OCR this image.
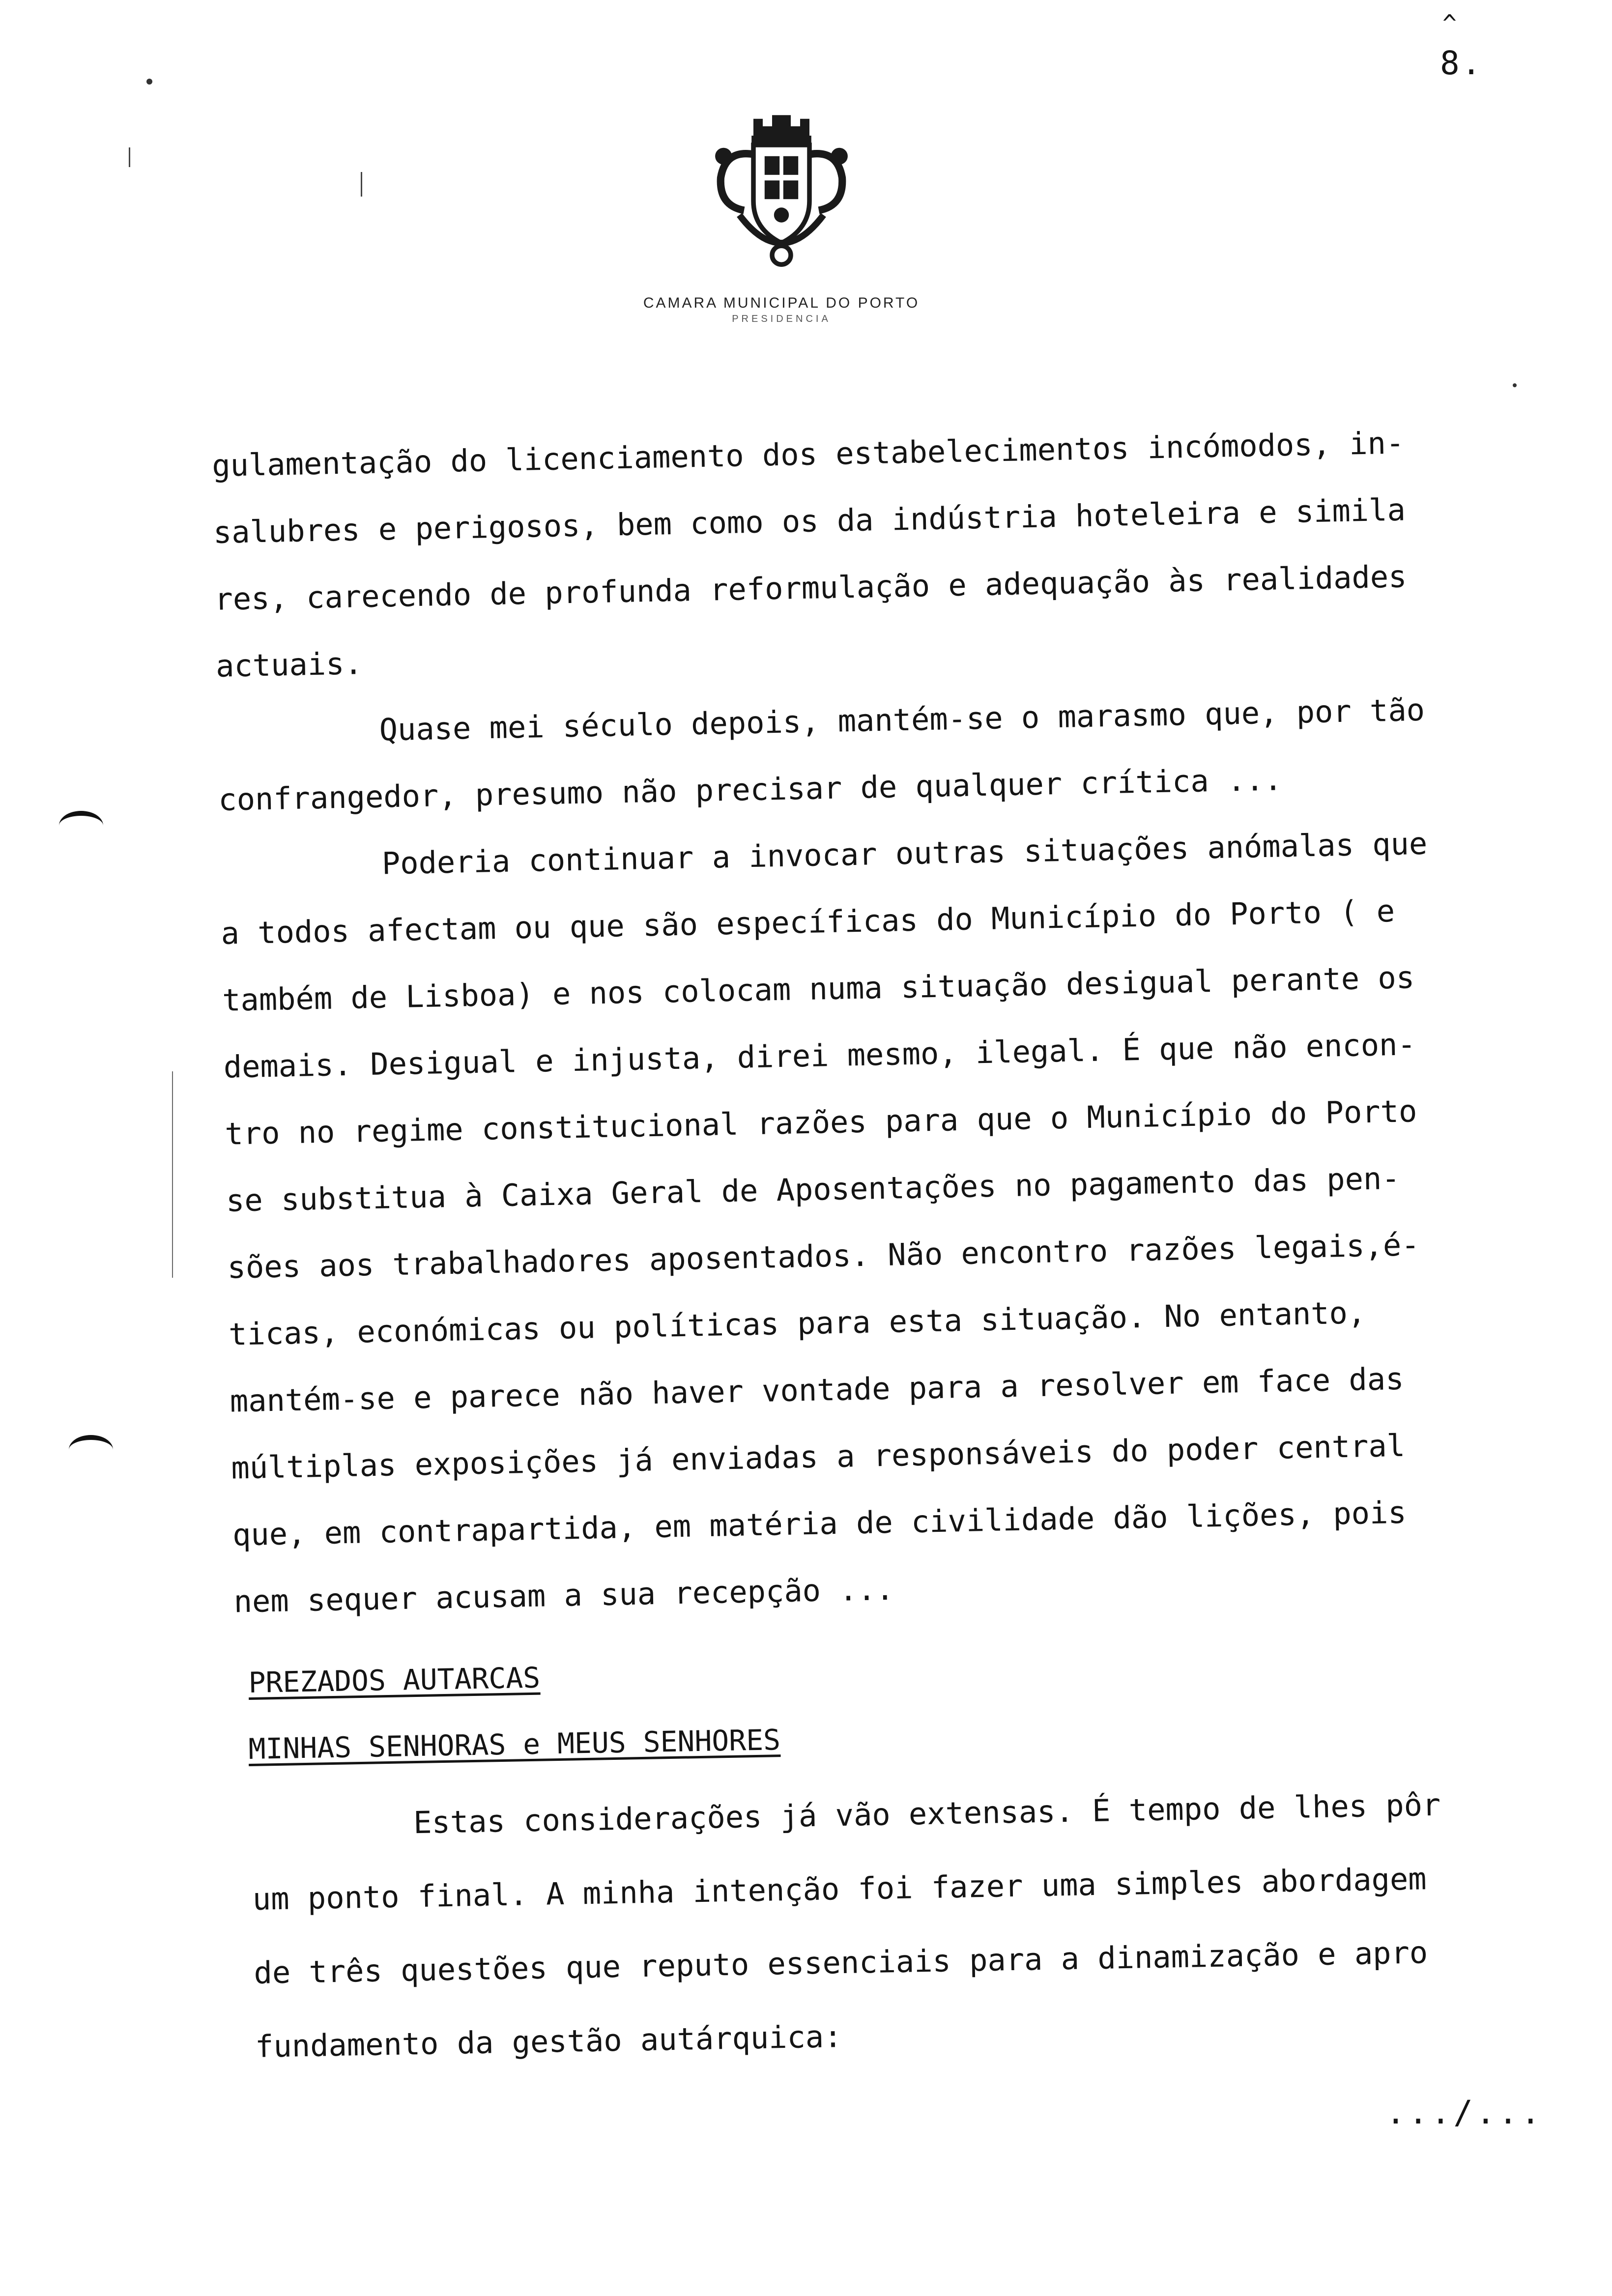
^
8.
CAMARA MUNICIPAL DO PORTO
PRESIDENCIA
gulamentação do licenciamento dos estabelecimentos incómodos, in-
salubres e perigosos, bem como os da indústria hoteleira e simila
res, carecendo de profunda reformulação e adequação às realidades
actuais.
Quase mei século depois, mantém-se o marasmo que, por tão
confrangedor, presumo não precisar de qualquer crítica ...
Poderia continuar a invocar outras situações anómalas que
a todos afectam ou que são específicas do Município do Porto ( e
também de Lisboa) e nos colocam numa situação desigual perante os
demais. Desigual e injusta, direi mesmo, ilegal. É que não encon-
tro no regime constitucional razões para que o Município do Porto
se substitua à Caixa Geral de Aposentações no pagamento das pen-
sões aos trabalhadores aposentados. Não encontro razões legais,é-
ticas, económicas ou políticas para esta situação. No entanto,
mantém-se e parece não haver vontade para a resolver em face das
múltiplas exposições já enviadas a responsáveis do poder central
que, em contrapartida, em matéria de civilidade dão lições, pois
nem sequer acusam a sua recepção ...
PREZADOS AUTARCAS
MINHAS SENHORAS e MEUS SENHORES
Estas considerações já vão extensas. É tempo de lhes pôr
um ponto final. A minha intenção foi fazer uma simples abordagem
de três questões que reputo essenciais para a dinamização e apro
fundamento da gestão autárquica:
.../...
